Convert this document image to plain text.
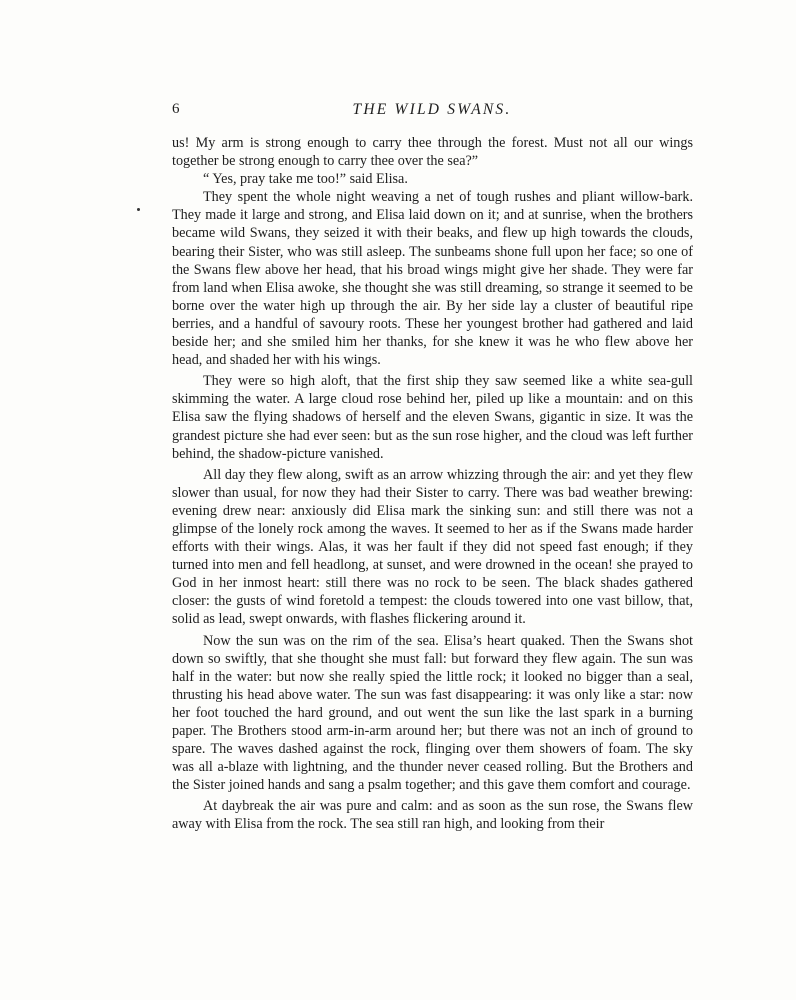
6	THE WILD SWANS.

us! My arm is strong enough to carry thee through the forest. Must not all our wings together be strong enough to carry thee over the sea?”

“ Yes, pray take me too!” said Elisa.

They spent the whole night weaving a net of tough rushes and pliant willow-bark. They made it large and strong, and Elisa laid down on it; and at sunrise, when the brothers became wild Swans, they seized it with their beaks, and flew up high towards the clouds, bearing their Sister, who was still asleep. The sunbeams shone full upon her face; so one of the Swans flew above her head, that his broad wings might give her shade. They were far from land when Elisa awoke, she thought she was still dreaming, so strange it seemed to be borne over the water high up through the air. By her side lay a cluster of beautiful ripe berries, and a handful of savoury roots. These her youngest brother had gathered and laid beside her; and she smiled him her thanks, for she knew it was he who flew above her head, and shaded her with his wings.

They were so high aloft, that the first ship they saw seemed like a white sea-gull skimming the water. A large cloud rose behind her, piled up like a mountain: and on this Elisa saw the flying shadows of herself and the eleven Swans, gigantic in size. It was the grandest picture she had ever seen: but as the sun rose higher, and the cloud was left further behind, the shadow-picture vanished.

All day they flew along, swift as an arrow whizzing through the air: and yet they flew slower than usual, for now they had their Sister to carry. There was bad weather brewing: evening drew near: anxiously did Elisa mark the sinking sun: and still there was not a glimpse of the lonely rock among the waves. It seemed to her as if the Swans made harder efforts with their wings. Alas, it was her fault if they did not speed fast enough; if they turned into men and fell headlong, at sunset, and were drowned in the ocean! she prayed to God in her inmost heart: still there was no rock to be seen. The black shades gathered closer: the gusts of wind foretold a tempest: the clouds towered into one vast billow, that, solid as lead, swept onwards, with flashes flickering around it.

Now the sun was on the rim of the sea. Elisa’s heart quaked. Then the Swans shot down so swiftly, that she thought she must fall: but forward they flew again. The sun was half in the water: but now she really spied the little rock; it looked no bigger than a seal, thrusting his head above water. The sun was fast disappearing: it was only like a star: now her foot touched the hard ground, and out went the sun like the last spark in a burning paper. The Brothers stood arm-in-arm around her; but there was not an inch of ground to spare. The waves dashed against the rock, flinging over them showers of foam. The sky was all a-blaze with lightning, and the thunder never ceased rolling. But the Brothers and the Sister joined hands and sang a psalm together; and this gave them comfort and courage.

At daybreak the air was pure and calm: and as soon as the sun rose, the Swans flew away with Elisa from the rock. The sea still ran high, and looking from their
